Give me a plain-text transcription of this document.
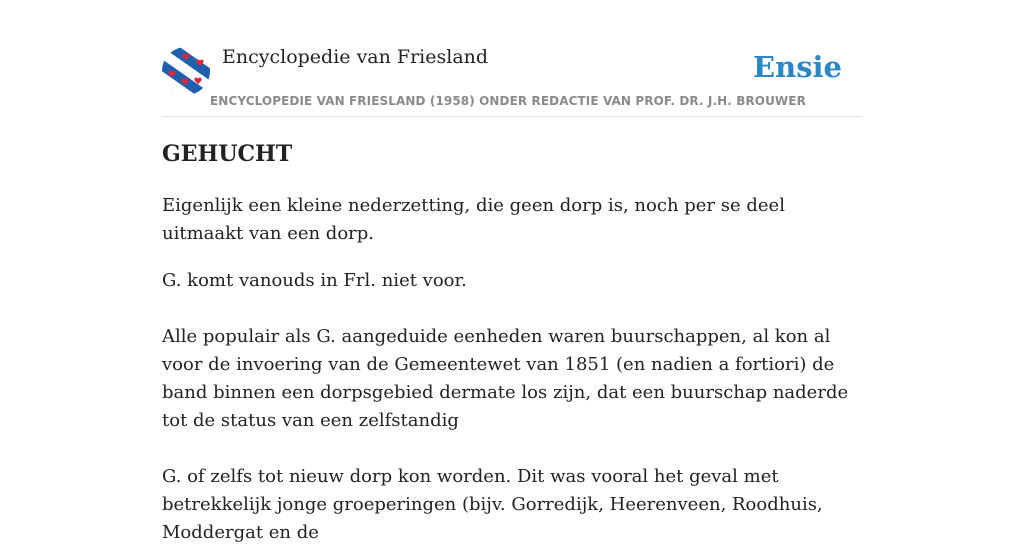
Encyclopedie van Friesland
ENCYCLOPEDIE VAN FRIESLAND (1958) ONDER REDACTIE VAN PROF. DR. J.H. BROUWER
Ensie
GEHUCHT

Eigenlijk een kleine nederzetting, die geen dorp is, noch per se deel uitmaakt van een dorp.

G. komt vanouds in Frl. niet voor.

Alle populair als G. aangeduide eenheden waren buurschappen, al kon al voor de invoering van de Gemeentewet van 1851 (en nadien a fortiori) de band binnen een dorpsgebied dermate los zijn, dat een buurschap naderde tot de status van een zelfstandig

G. of zelfs tot nieuw dorp kon worden. Dit was vooral het geval met betrekkelijk jonge groeperingen (bijv. Gorredijk, Heerenveen, Roodhuis, Moddergat en de
